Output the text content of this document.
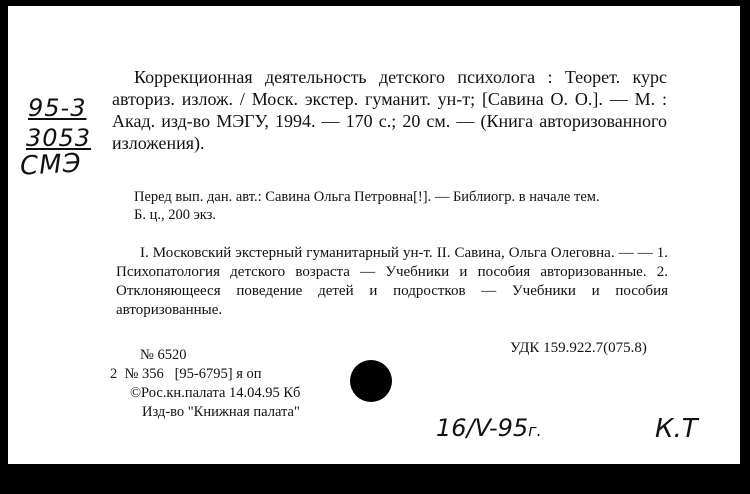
95-3
3053
СМЭ

Коррекционная деятельность детского психолога : Теорет. курс авториз. излож. / Моск. экстер. гуманит. ун-т; [Савина О. О.]. — М. : Акад. изд-во МЭГУ, 1994. — 170 с.; 20 см. — (Книга авторизованного изложения).

Перед вып. дан. авт.: Савина Ольга Петровна[!]. — Библиогр. в начале тем.

Б. ц., 200 экз.

I. Московский экстерный гуманитарный ун-т. II. Савина, Ольга Олеговна. — — 1. Психопатология детского возраста — Учебники и пособия авторизованные. 2. Отклоняющееся поведение детей и подростков — Учебники и пособия авторизованные.

УДК 159.922.7(075.8)
№ 6520
2  № 356   [95-6795] я оп
©Рос.кн.палата 14.04.95 Кб
Изд-во "Книжная палата"
16/V-95г.	К.Т
